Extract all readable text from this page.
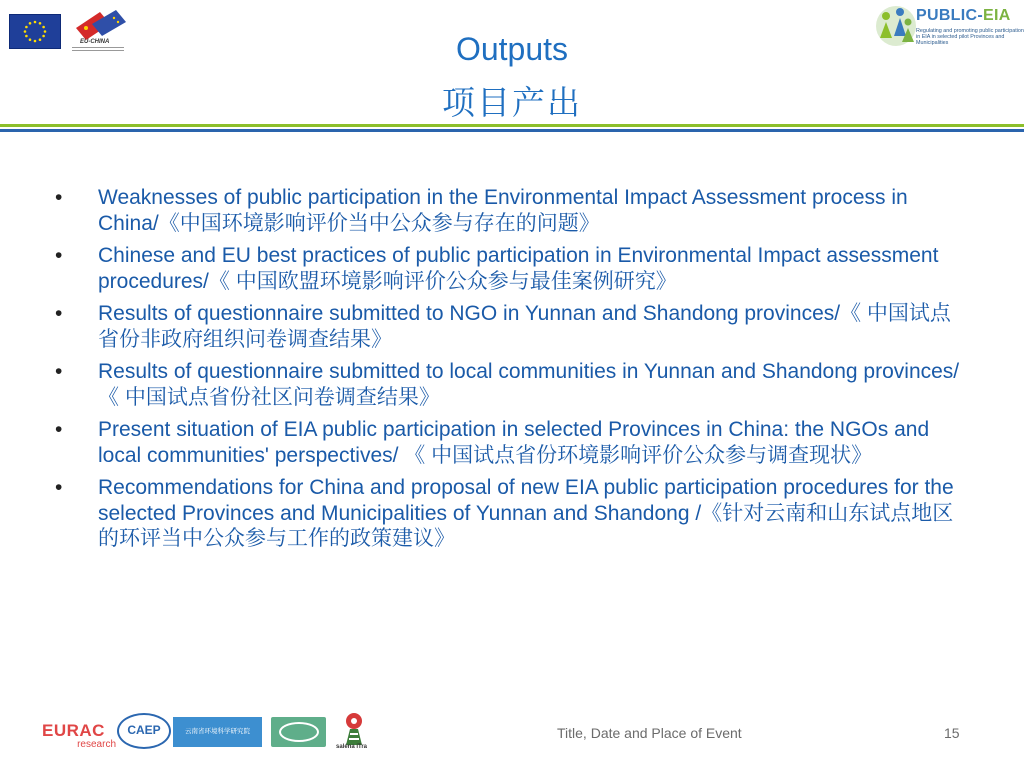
EU-CHINA
PUBLIC-EIA
Regulating and promoting public participation in EIA in selected pilot Provinces and Municipalities
Outputs
项目产出
• Weaknesses of public participation in the Environmental Impact Assessment process in China/《中国环境影响评价当中公众参与存在的问题》
• Chinese and EU best practices of public participation in Environmental Impact assessment procedures/《 中国欧盟环境影响评价公众参与最佳案例研究》
• Results of questionnaire submitted to NGO in Yunnan and Shandong provinces/《 中国试点省份非政府组织问卷调查结果》
• Results of questionnaire submitted to local communities in Yunnan and Shandong provinces/《 中国试点省份社区问卷调查结果》
• Present situation of EIA public participation in selected Provinces in China: the NGOs and local communities' perspectives/ 《 中国试点省份环境影响评价公众参与调查现状》
• Recommendations for China and proposal of new EIA public participation procedures for the selected Provinces and Municipalities of Yunnan and Shandong /《针对云南和山东试点地区的环评当中公众参与工作的政策建议》
EURAC
research
CAEP	云南省环境科学研究院
saléna iTra
Title, Date and Place of Event	15
